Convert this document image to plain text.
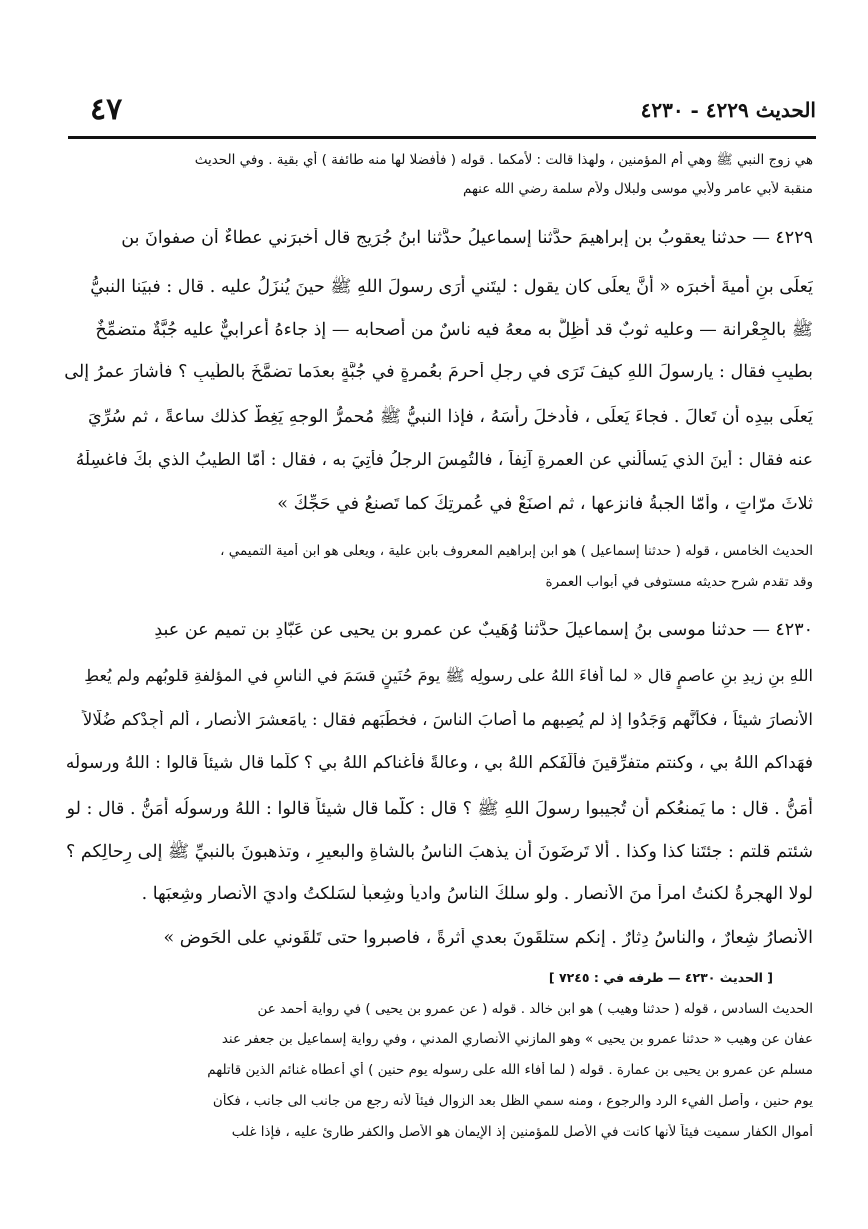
الحديث ٤٢٢٩ - ٤٢٣٠
٤٧
هي زوج النبي ﷺ وهي أم المؤمنين ، ولهذا قالت : لأمكما . قوله ( فأفضلا لها منه طائفة ) أي بقية . وفي الحديث
منقبة لأبي عامر ولأبي موسى ولبلال ولأم سلمة رضي الله عنهم
٤٢٢٩ — حدثنا يعقوبُ بن إبراهيمَ حدَّثنا إسماعيلُ حدَّثنا ابنُ جُرَيجٍ قال أخبرَني عطاءٌ أن صفوانَ بن
يَعلَى بنِ أميةَ أخبرَه « أنَّ يعلَى كان يقول : ليتَني أرَى رسولَ اللهِ ﷺ حينَ يُنزَلُ عليه . قال : فبيَنا النبيُّ
ﷺ بالجِعْرانة — وعليه ثوبٌ قد أُظِلَّ به معهُ فيه ناسٌ من أصحابه — إذ جاءهُ أعرابيٌّ عليه جُبَّةٌ متضمِّخٌ
بطيبٍ فقال : يارسولَ اللهِ كيفَ تَرَى في رجلٍ أحرمَ بعُمرةٍ في جُبَّةٍ بعدَما تضمَّخَ بالطِّيبِ ؟ فأشارَ عمرُ إلى
يَعلَى بيدِه أن تَعالَ . فجاءَ يَعلَى ، فأدخلَ رأسَهُ ، فإذا النبيُّ ﷺ مُحمرُّ الوجهِ يَغِطُّ كذلك ساعةً ، ثم سُرِّيَ
عنه فقال : أينَ الذي يَسألُني عن العمرةِ آنِفاً ، فالتُمِسَ الرجلُ فأُتِيَ به ، فقال : أمّا الطيبُ الذي بكَ فاغسِلْهُ
ثلاثَ مرّاتٍ ، وأمّا الجبةُ فانزِعها ، ثم اصنَعْ في عُمرتِكَ كما تَصنعُ في حَجِّكَ »
الحديث الخامس ، قوله ( حدثنا إسماعيل ) هو ابن إبراهيم المعروف بابن علية ، ويعلى هو ابن أمية التميمي ،
وقد تقدم شرح حديثه مستوفى في أبواب العمرة
٤٢٣٠ — حدثنا موسى بنُ إسماعيلَ حدَّثنا وُهَيبٌ عن عمرِو بن يحيى عن عَبّادِ بنِ تميمٍ عن عبدِ
اللهِ بنِ زيدِ بنِ عاصمٍ قال « لما أفاءَ اللهُ على رسولِه ﷺ يومَ حُنَينٍ قسَمَ في الناسِ في المؤلفةِ قلوبُهم ولم يُعطِ
الأنصارَ شيئاً ، فكأنَّهم وَجَدُوا إذ لم يُصِبهم ما أصابَ الناسَ ، فخطَبَهم فقال : يامَعشرَ الأنصارِ ، ألم أجِدْكم ضُلّالاً
فهَداكم اللهُ بي ، وكنتم متفرِّقينَ فألَّفَكم اللهُ بي ، وعالةً فأغناكم اللهُ بي ؟ كلَّما قال شيئاً قالوا : اللهُ ورسولُه
أمَنُّ . قال : ما يَمنعُكم أن تُجيبوا رسولَ اللهِ ﷺ ؟ قال : كلَّما قال شيئاً قالوا : اللهُ ورسولُه أمَنُّ . قال : لو
شئتم قلتم : جئتَنا كذا وكذا . ألا تَرضَونَ أن يذهبَ الناسُ بالشاةِ والبعيرِ ، وتذهبونَ بالنبيِّ ﷺ إلى رِحالِكم ؟
لولا الهجرةُ لكنتُ امرأً منَ الأنصارِ . ولو سلكَ الناسُ وادياً وشِعباً لسَلكتُ واديَ الأنصارِ وشِعبَها .
الأنصارُ شِعارٌ ، والناسُ دِثارٌ . إنكم ستلقَونَ بعدي أُثرةً ، فاصبروا حتى تَلقَوني على الحَوض »
[ الحديث ٤٢٣٠ — طرفه في : ٧٢٤٥ ]
الحديث السادس ، قوله ( حدثنا وهيب ) هو ابن خالد . قوله ( عن عمرو بن يحيى ) في رواية أحمد عن
عفان عن وهيب « حدثنا عمرو بن يحيى » وهو المازني الأنصاري المدني ، وفي رواية إسماعيل بن جعفر عند
مسلم عن عمرو بن يحيى بن عمارة . قوله ( لما أفاء الله على رسوله يوم حنين ) أي أعطاه غنائم الذين قاتلهم
يوم حنين ، وأصل الفيء الرد والرجوع ، ومنه سمي الظل بعد الزوال فيئاً لأنه رجع من جانب الى جانب ، فكأن
أموال الكفار سميت فيئاً لأنها كانت في الأصل للمؤمنين إذ الإيمان هو الأصل والكفر طارئ عليه ، فإذا غلب
